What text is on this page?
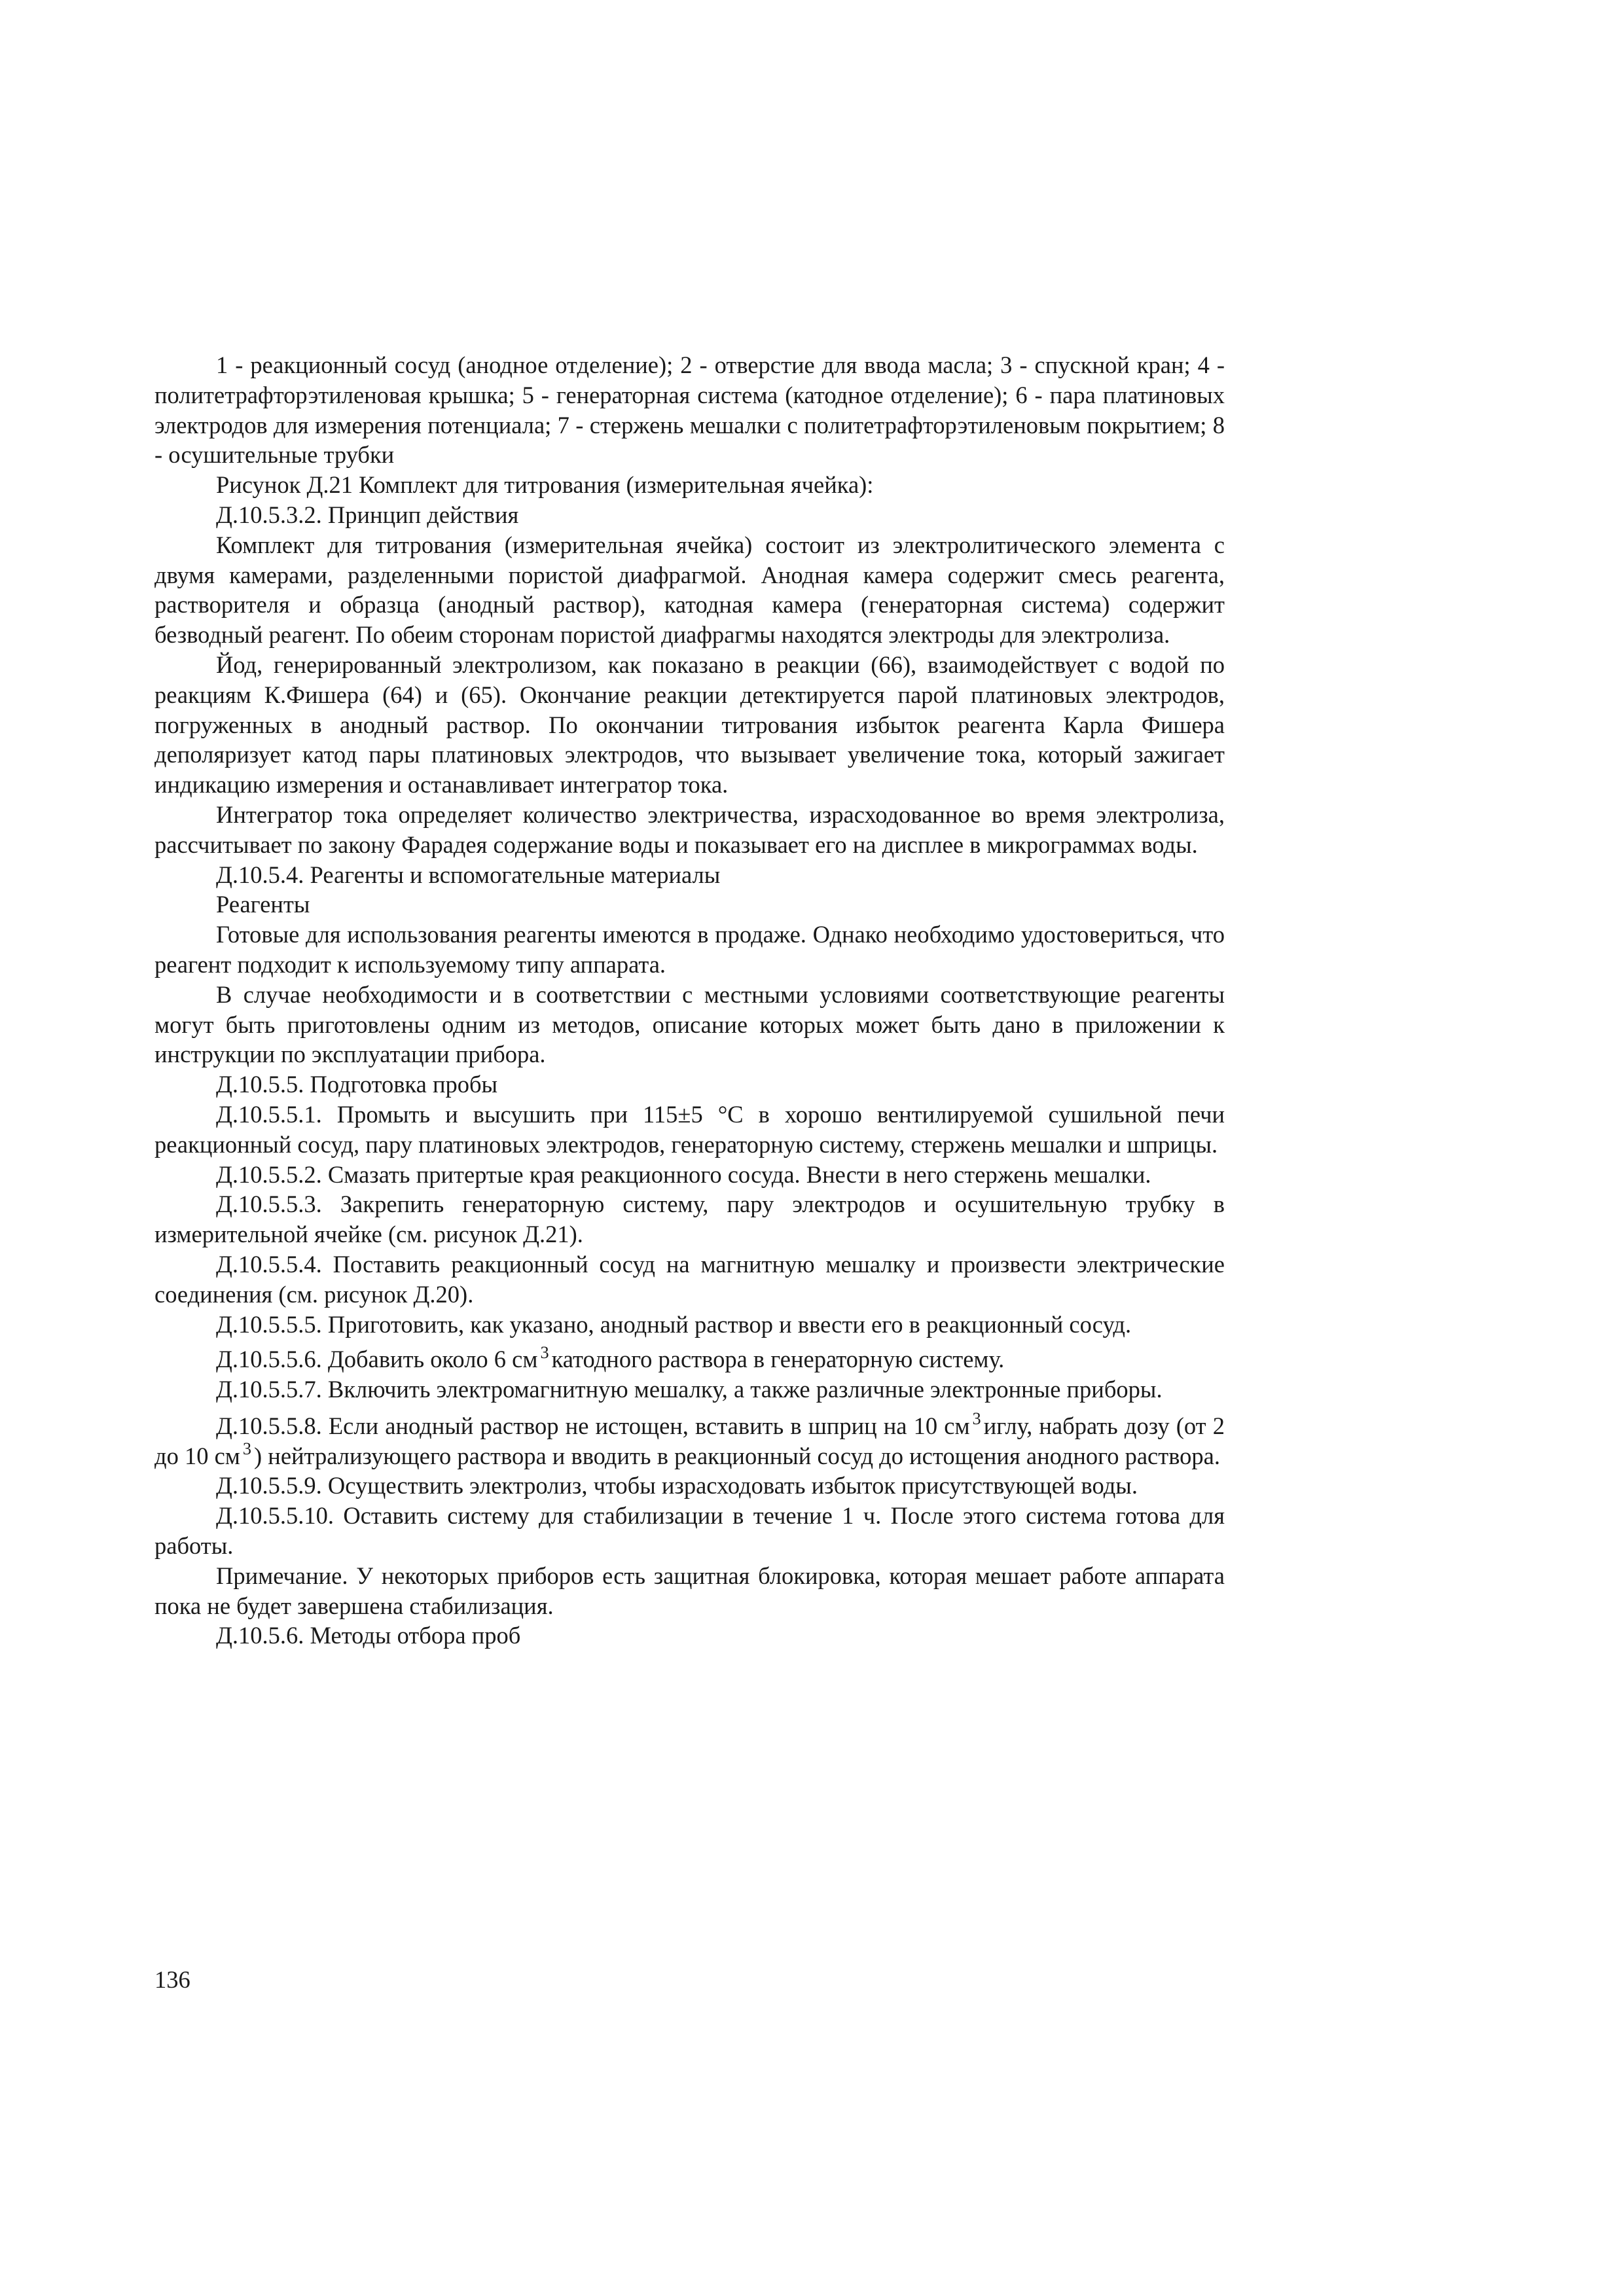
1 - реакционный сосуд (анодное отделение); 2 - отверстие для ввода масла; 3 - спускной кран; 4 - политетрафторэтиленовая крышка; 5 - генераторная система (катодное отделение); 6 - пара платиновых электродов для измерения потенциала; 7 - стержень мешалки с политетрафторэтиленовым покрытием; 8 - осушительные трубки

Рисунок Д.21 Комплект для титрования (измерительная ячейка):

Д.10.5.3.2. Принцип действия

Комплект для титрования (измерительная ячейка) состоит из электролитического элемента с двумя камерами, разделенными пористой диафрагмой. Анодная камера содержит смесь реагента, растворителя и образца (анодный раствор), катодная камера (генераторная система) содержит безводный реагент. По обеим сторонам пористой диафрагмы находятся электроды для электролиза.

Йод, генерированный электролизом, как показано в реакции (66), взаимодействует с водой по реакциям К.Фишера (64) и (65). Окончание реакции детектируется парой платиновых электродов, погруженных в анодный раствор. По окончании титрования избыток реагента Карла Фишера деполяризует катод пары платиновых электродов, что вызывает увеличение тока, который зажигает индикацию измерения и останавливает интегратор тока.

Интегратор тока определяет количество электричества, израсходованное во время электролиза, рассчитывает по закону Фарадея содержание воды и показывает его на дисплее в микрограммах воды.

Д.10.5.4. Реагенты и вспомогательные материалы

Реагенты

Готовые для использования реагенты имеются в продаже. Однако необходимо удостовериться, что реагент подходит к используемому типу аппарата.

В случае необходимости и в соответствии с местными условиями соответствующие реагенты могут быть приготовлены одним из методов, описание которых может быть дано в приложении к инструкции по эксплуатации прибора.

Д.10.5.5. Подготовка пробы

Д.10.5.5.1. Промыть и высушить при 115±5 °С в хорошо вентилируемой сушильной печи реакционный сосуд, пару платиновых электродов, генераторную систему, стержень мешалки и шприцы.

Д.10.5.5.2. Смазать притертые края реакционного сосуда. Внести в него стержень мешалки.

Д.10.5.5.3. Закрепить генераторную систему, пару электродов и осушительную трубку в измерительной ячейке (см. рисунок Д.21).

Д.10.5.5.4. Поставить реакционный сосуд на магнитную мешалку и произвести электрические соединения (см. рисунок Д.20).

Д.10.5.5.5. Приготовить, как указано, анодный раствор и ввести его в реакционный сосуд.

Д.10.5.5.6. Добавить около 6 см $^3$ катодного раствора в генераторную систему.

Д.10.5.5.7. Включить электромагнитную мешалку, а также различные электронные приборы.

Д.10.5.5.8. Если анодный раствор не истощен, вставить в шприц на 10 см $^3$ иглу, набрать дозу (от 2 до 10 см $^3$ ) нейтрализующего раствора и вводить в реакционный сосуд до истощения анодного раствора.

Д.10.5.5.9. Осуществить электролиз, чтобы израсходовать избыток присутствующей воды.

Д.10.5.5.10. Оставить систему для стабилизации в течение 1 ч. После этого система готова для работы.

Примечание. У некоторых приборов есть защитная блокировка, которая мешает работе аппарата пока не будет завершена стабилизация.

Д.10.5.6. Методы отбора проб

136
